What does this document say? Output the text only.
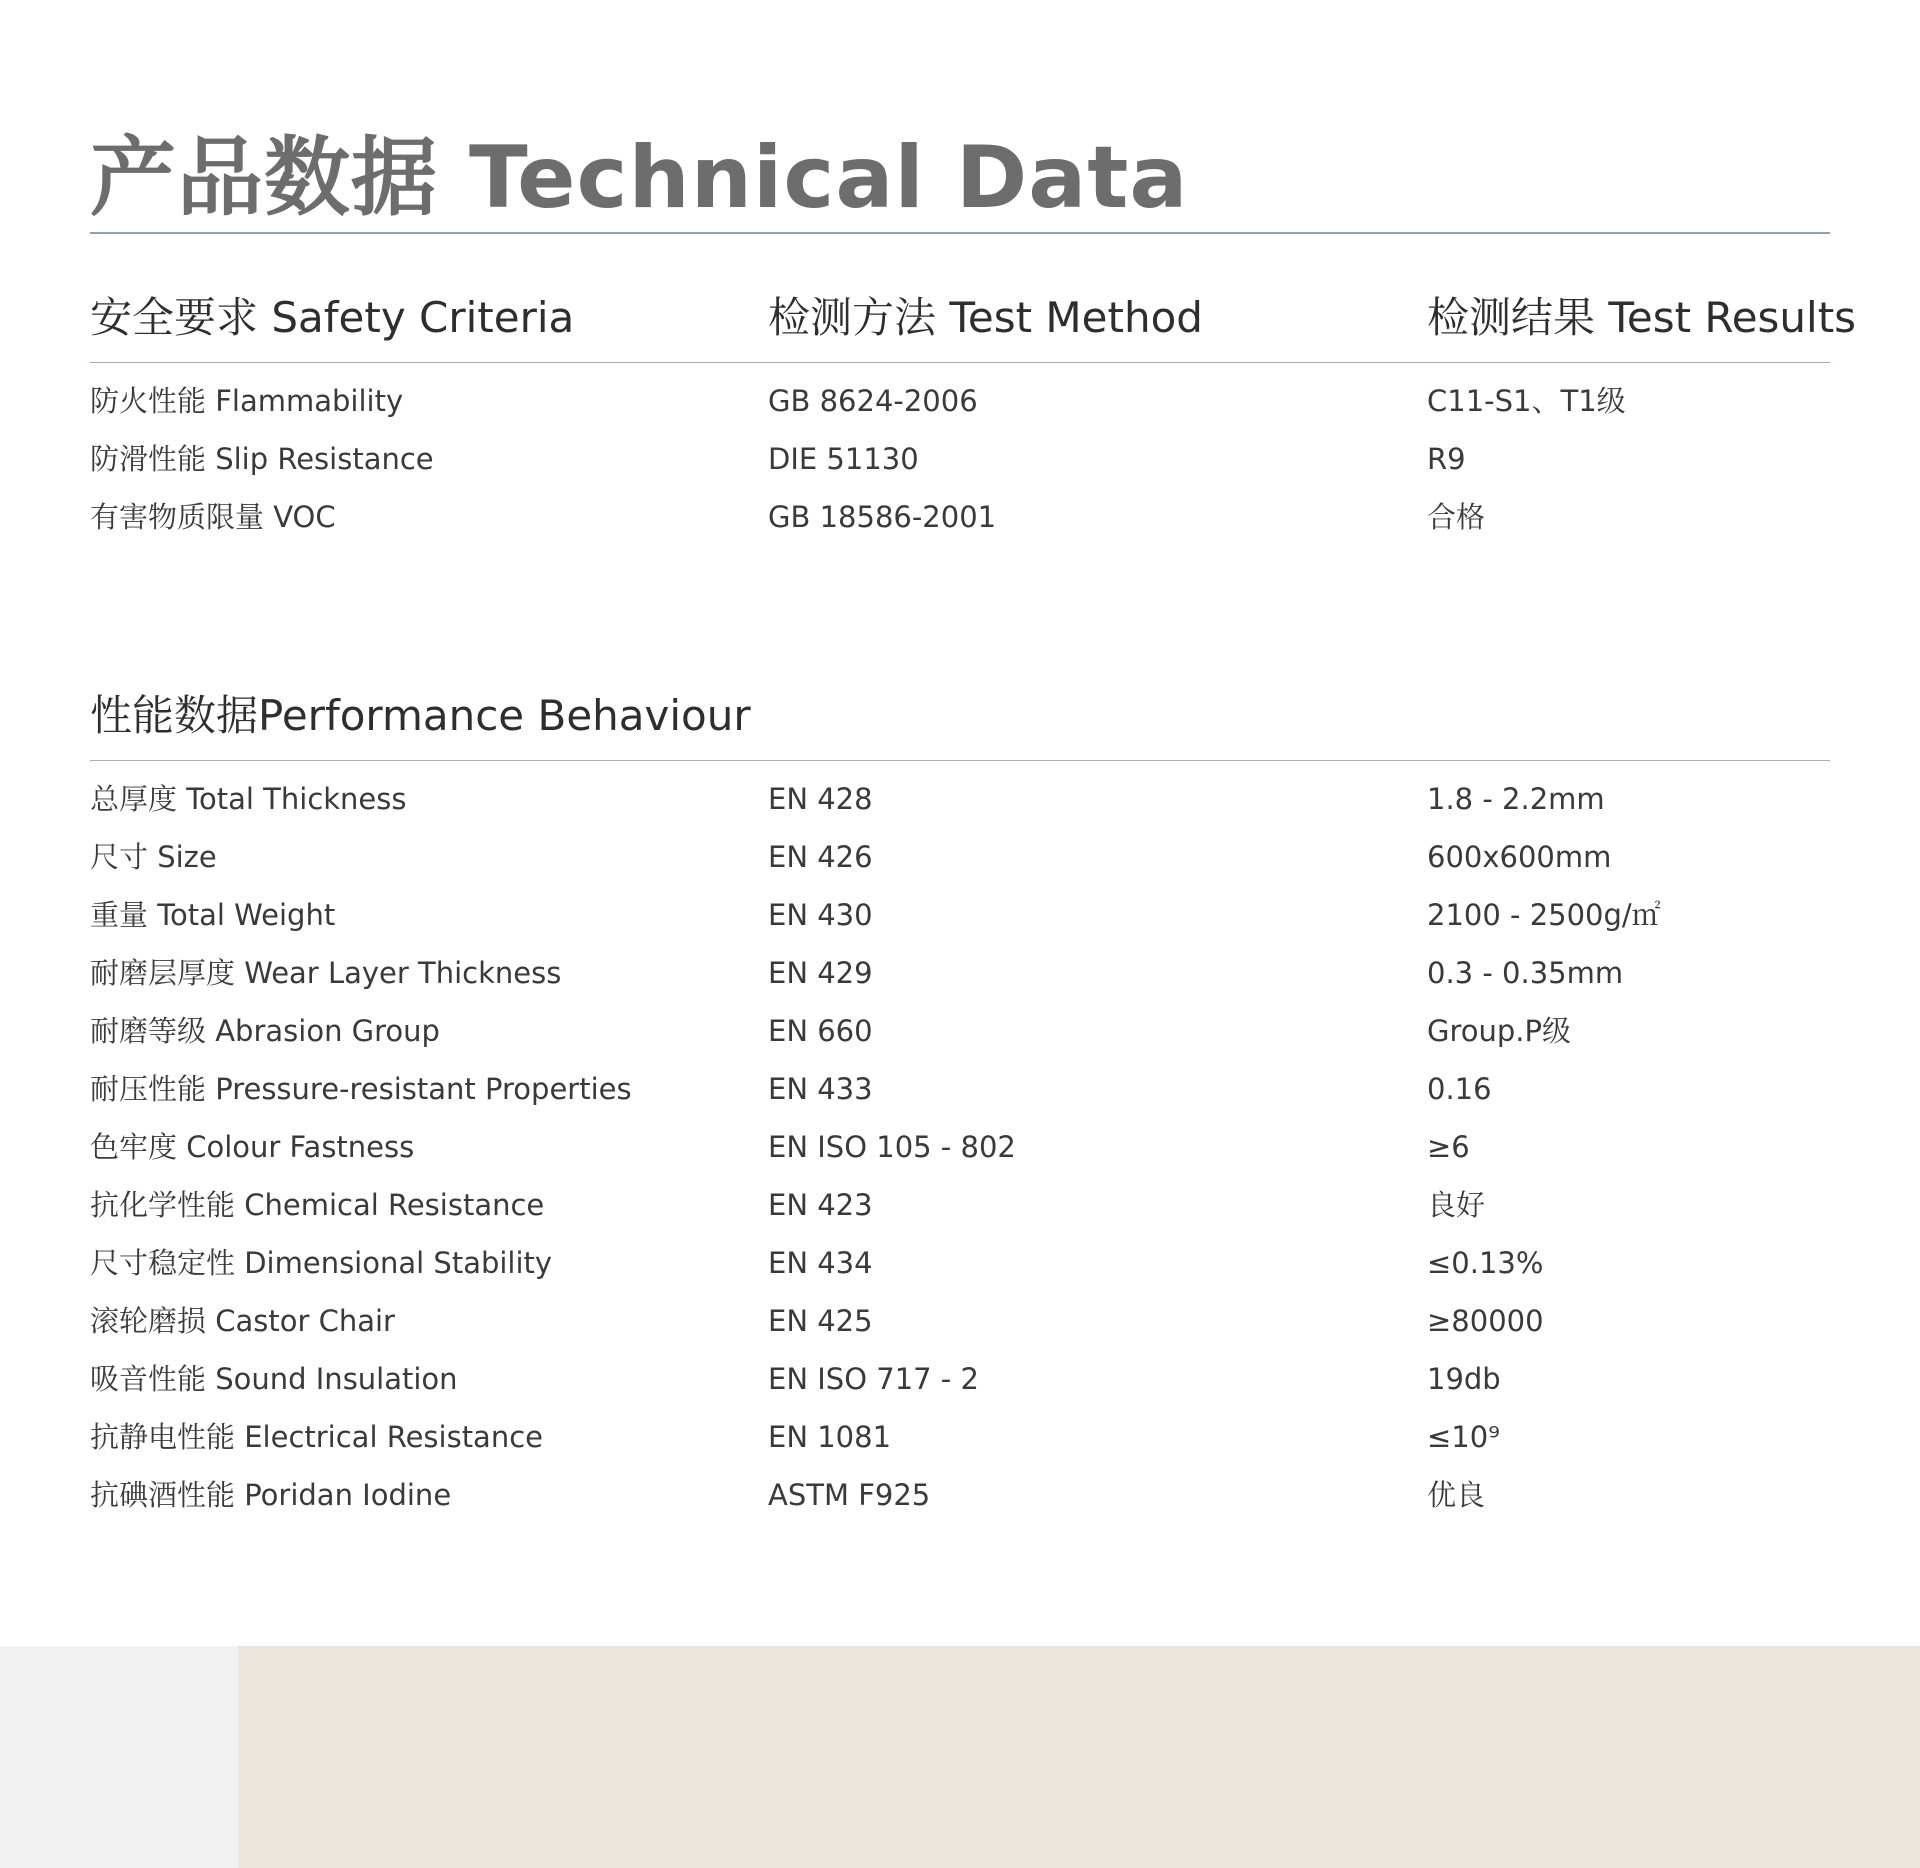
产品数据 Technical Data
安全要求 Safety Criteria	检测方法 Test Method	检测结果 Test Results
防火性能 Flammability	GB 8624-2006	C11-S1、T1级
防滑性能 Slip Resistance	DIE 51130	R9
有害物质限量 VOC	GB 18586-2001	合格
性能数据Performance Behaviour
总厚度 Total Thickness	EN 428	1.8 - 2.2mm
尺寸 Size	EN 426	600x600mm
重量 Total Weight	EN 430	2100 - 2500g/㎡
耐磨层厚度 Wear Layer Thickness	EN 429	0.3 - 0.35mm
耐磨等级 Abrasion Group	EN 660	Group.P级
耐压性能 Pressure-resistant Properties	EN 433	0.16
色牢度 Colour Fastness	EN ISO 105 - 802	≥6
抗化学性能 Chemical Resistance	EN 423	良好
尺寸稳定性 Dimensional Stability	EN 434	≤0.13%
滚轮磨损 Castor Chair	EN 425	≥80000
吸音性能 Sound Insulation	EN ISO 717 - 2	19db
抗静电性能 Electrical Resistance	EN 1081	≤10⁹
抗碘酒性能 Poridan Iodine	ASTM F925	优良
